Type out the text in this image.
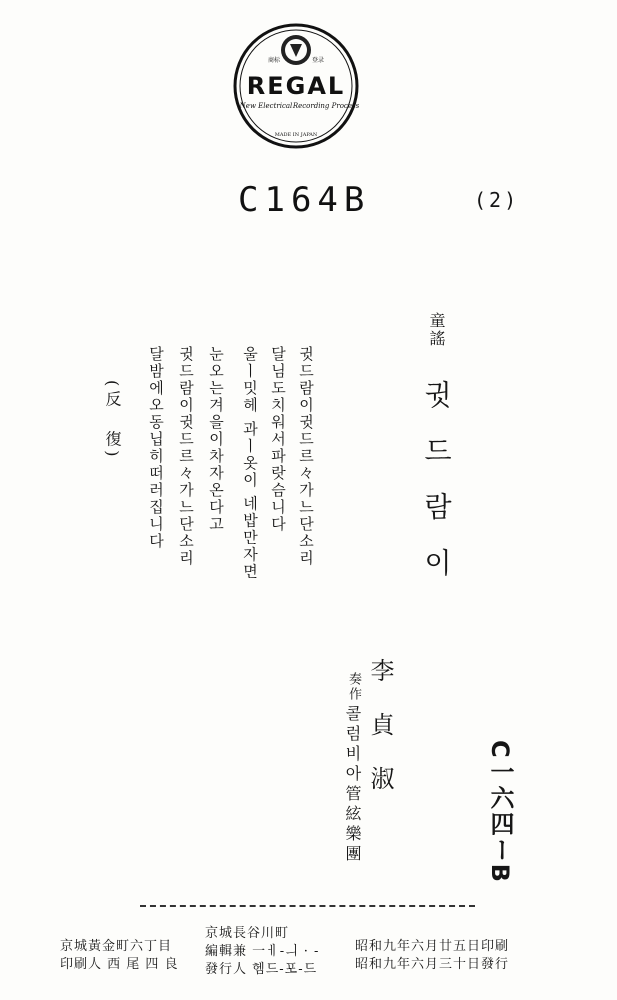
REGAL
New Electrical Recording Process
商标	登录
MADE IN JAPAN
C164B	(2)
童謠
귓드람이
귓드람이귓드르々가느단소리
달님도치워서파랏슴니다
울ㅣ밋헤 과ㅣ옷이 네밥만자면
눈오는겨을이차자온다고
귓드람이귓드르々가느단소리
달밤에오동닙히떠러집니다
(反　復)
奏作 李貞淑
콜럼비아管絃樂團	C一六四ーB
京城黃金町六丁目
印刷人 西 尾 四 良
京城長谷川町
編輯兼 一ㅔ-ㅢ · -
發行人 헴드-포-드
昭和九年六月廿五日印刷
昭和九年六月三十日發行
